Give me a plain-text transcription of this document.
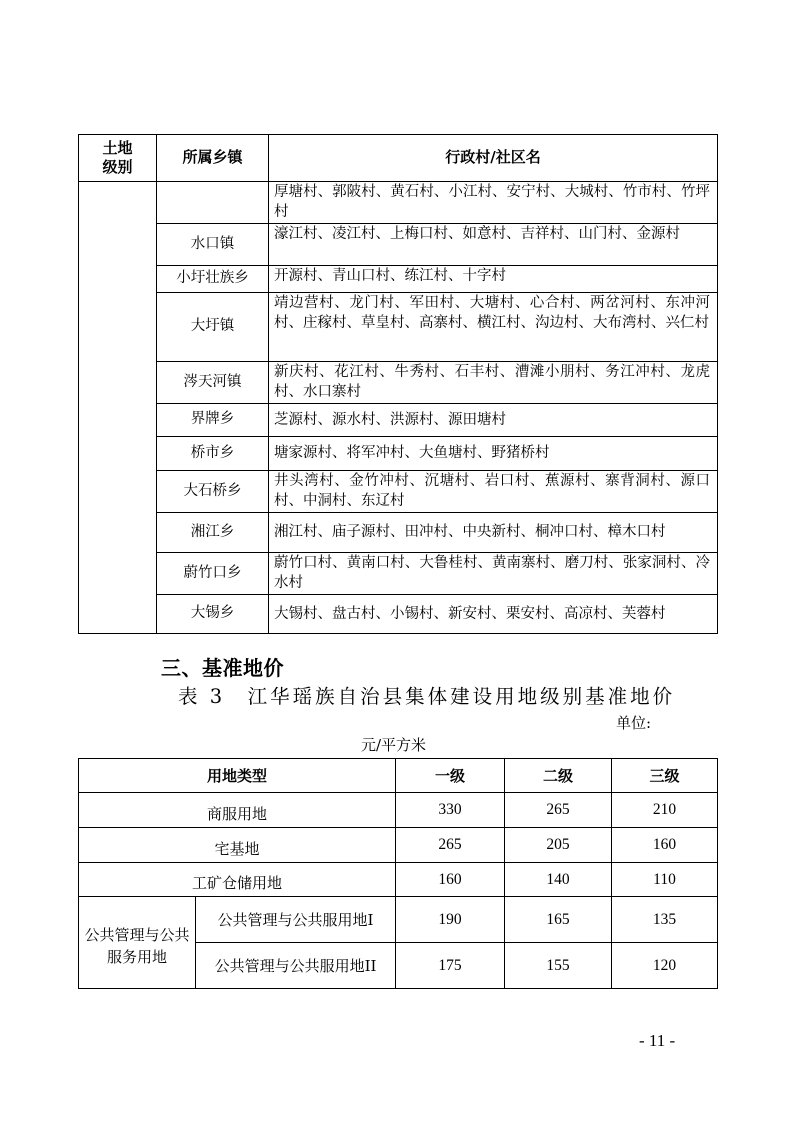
土地
级别	所属乡镇	行政村/社区名
		厚塘村、郭陂村、黄石村、小江村、安宁村、大城村、竹市村、竹坪村
	水口镇	濠江村、凌江村、上梅口村、如意村、吉祥村、山门村、金源村
	小圩壮族乡	开源村、青山口村、练江村、十字村
	大圩镇	靖边营村、龙门村、军田村、大塘村、心合村、两岔河村、东冲河村、庄稼村、草皇村、高寨村、横江村、沟边村、大布湾村、兴仁村
	涔天河镇	新庆村、花江村、牛秀村、石丰村、漕滩小朋村、务江冲村、龙虎村、水口寨村
	界牌乡	芝源村、源水村、洪源村、源田塘村
	桥市乡	塘家源村、将军冲村、大鱼塘村、野猪桥村
	大石桥乡	井头湾村、金竹冲村、沉塘村、岩口村、蕉源村、寨背洞村、源口村、中洞村、东辽村
	湘江乡	湘江村、庙子源村、田冲村、中央新村、桐冲口村、樟木口村
	蔚竹口乡	蔚竹口村、黄南口村、大鲁桂村、黄南寨村、磨刀村、张家洞村、冷水村
	大锡乡	大锡村、盘古村、小锡村、新安村、栗安村、高凉村、芙蓉村
三、基准地价
表 3　江华瑶族自治县集体建设用地级别基准地价
单位:
元/平方米
用地类型		一级	二级	三级
商服用地		330	265	210
宅基地		265	205	160
工矿仓储用地		160	140	110
公共管理与公共服务用地	公共管理与公共服用地I	190	165	135
	公共管理与公共服用地II	175	155	120
- 11 -
